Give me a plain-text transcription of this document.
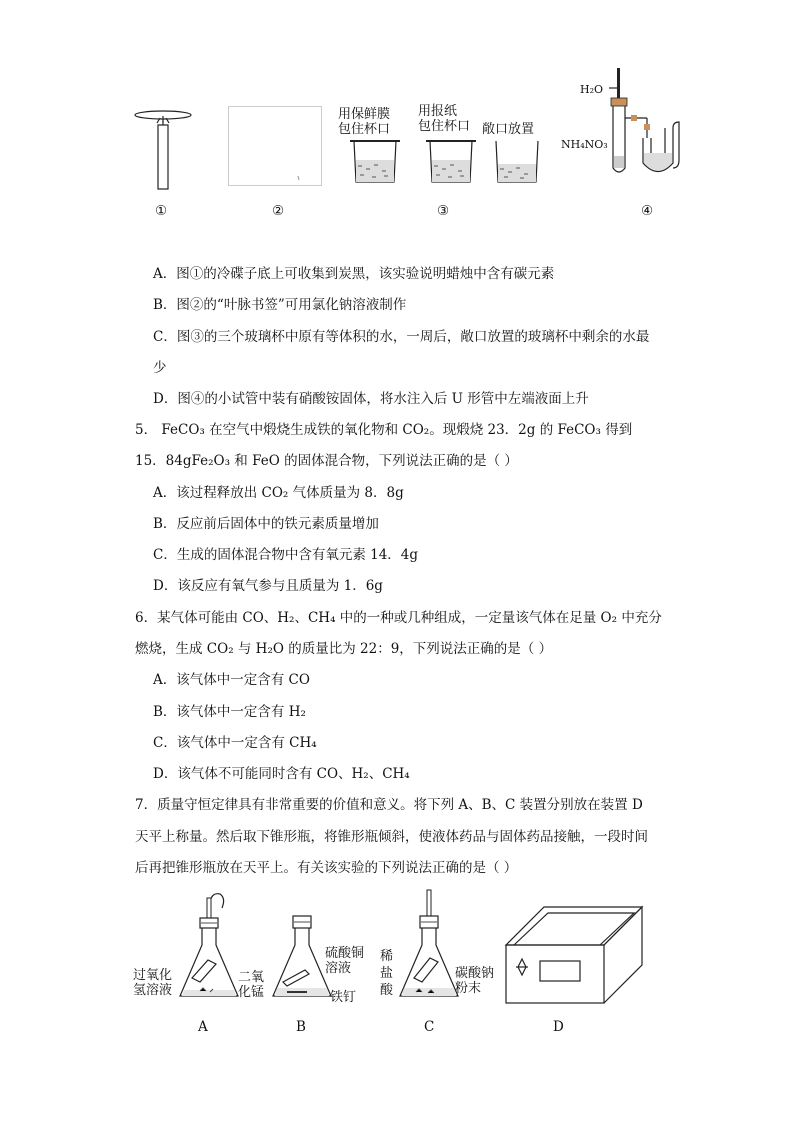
用保鲜膜
包住杯口
用报纸
包住杯口 敞口放置
H₂O
NH₄NO₃
①	②	③	④
A．图①的冷碟子底上可收集到炭黑，该实验说明蜡烛中含有碳元素
B．图②的“叶脉书签”可用氯化钠溶液制作
C．图③的三个玻璃杯中原有等体积的水，一周后，敞口放置的玻璃杯中剩余的水最
少
D．图④的小试管中装有硝酸铵固体，将水注入后 U 形管中左端液面上升
5． FeCO₃ 在空气中煅烧生成铁的氧化物和 CO₂。现煅烧 23．2g 的 FeCO₃ 得到
15．84gFe₂O₃ 和 FeO 的固体混合物，下列说法正确的是（ ）
A．该过程释放出 CO₂ 气体质量为 8．8g
B．反应前后固体中的铁元素质量增加
C．生成的固体混合物中含有氧元素 14．4g
D．该反应有氧气参与且质量为 1．6g
6．某气体可能由 CO、H₂、CH₄ 中的一种或几种组成，一定量该气体在足量 O₂ 中充分
燃烧，生成 CO₂ 与 H₂O 的质量比为 22：9，下列说法正确的是（ ）
A．该气体中一定含有 CO
B．该气体中一定含有 H₂
C．该气体中一定含有 CH₄
D．该气体不可能同时含有 CO、H₂、CH₄
7．质量守恒定律具有非常重要的价值和意义。将下列 A、B、C 装置分别放在装置 D
天平上称量。然后取下锥形瓶，将锥形瓶倾斜，使液体药品与固体药品接触，一段时间
后再把锥形瓶放在天平上。有关该实验的下列说法正确的是（ ）
过氧化
氢溶液
二氧
化锰
A
硫酸铜
溶液
铁钉
B
稀
盐
酸
碳酸钠
粉末
C	D
